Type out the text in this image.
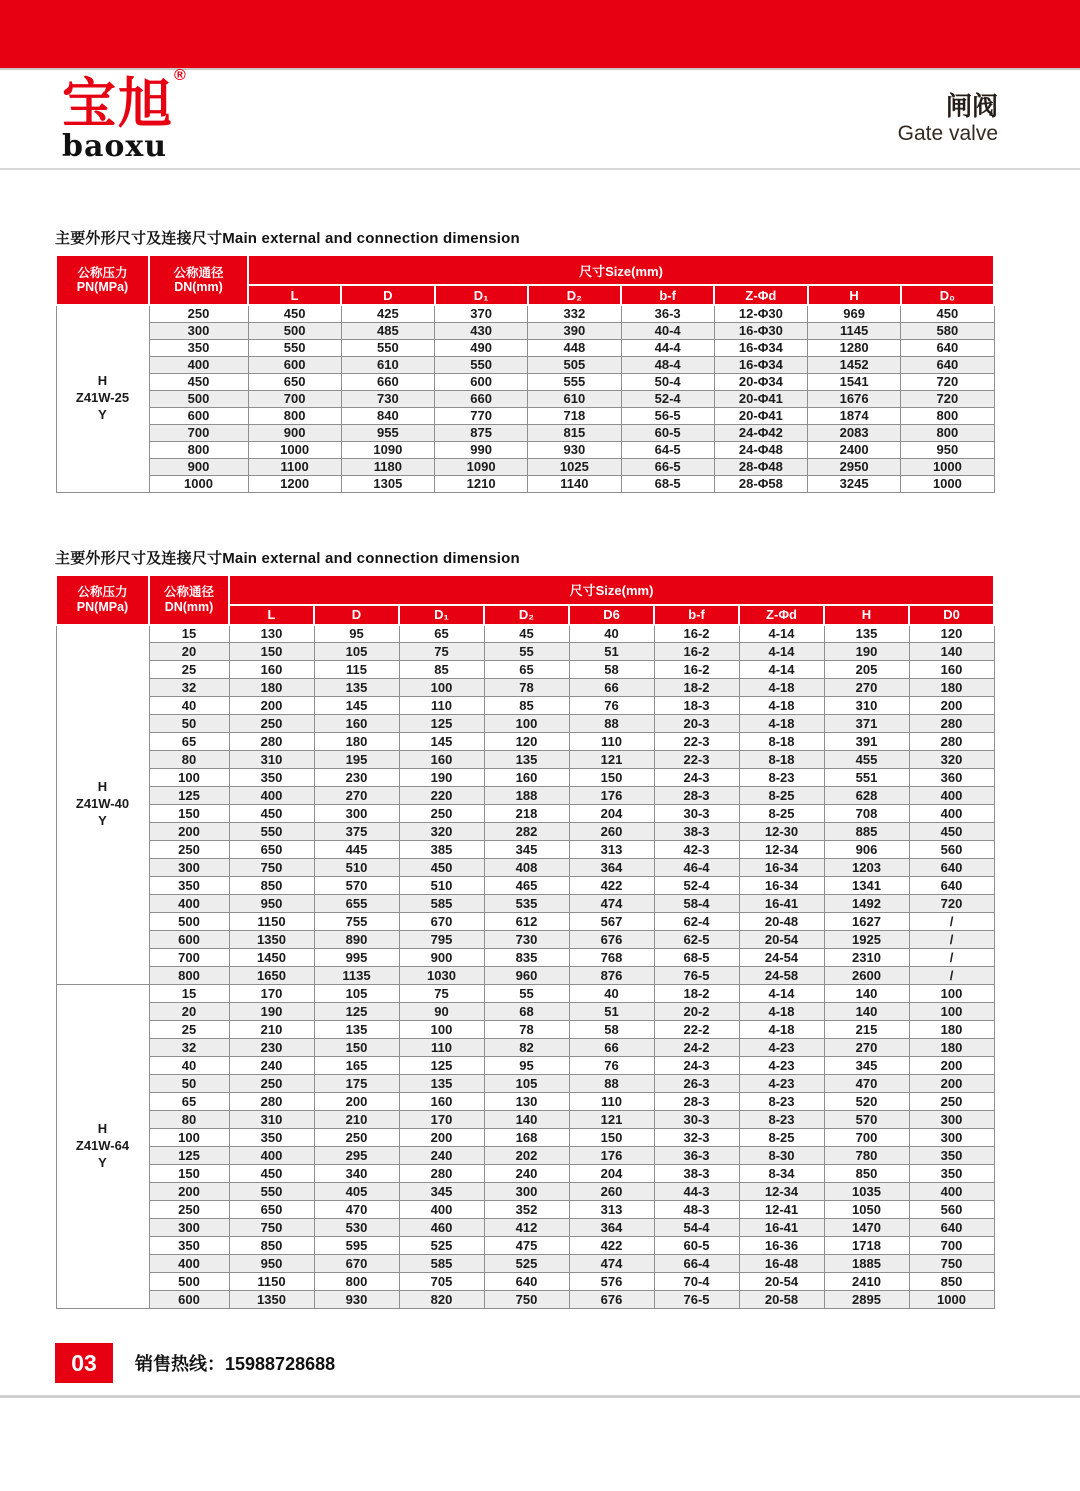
宝旭 ®
baoxu
闸阀
Gate valve
主要外形尺寸及连接尺寸Main external and connection dimension
公称压力
PN(MPa)

公称通径
DN(mm)
	尺寸Size(mm)
		L	D	D₁	D₂	b-f	Z-Φd	H	D₀

H
Z41W-25
Y	250	450	425	370	332	36-3	12-Φ30	969	450
	300	500	485	430	390	40-4	16-Φ30	1145	580
	350	550	550	490	448	44-4	16-Φ34	1280	640
	400	600	610	550	505	48-4	16-Φ34	1452	640
	450	650	660	600	555	50-4	20-Φ34	1541	720
	500	700	730	660	610	52-4	20-Φ41	1676	720
	600	800	840	770	718	56-5	20-Φ41	1874	800
	700	900	955	875	815	60-5	24-Φ42	2083	800
	800	1000	1090	990	930	64-5	24-Φ48	2400	950
	900	1100	1180	1090	1025	66-5	28-Φ48	2950	1000
	1000	1200	1305	1210	1140	68-5	28-Φ58	3245	1000
主要外形尺寸及连接尺寸Main external and connection dimension
公称压力
PN(MPa)

公称通径
DN(mm)
	尺寸Size(mm)
		L	D	D₁	D₂	D6	b-f	Z-Φd	H	D0

H
Z41W-40
Y	15	130	95	65	45	40	16-2	4-14	135	120
	20	150	105	75	55	51	16-2	4-14	190	140
	25	160	115	85	65	58	16-2	4-14	205	160
	32	180	135	100	78	66	18-2	4-18	270	180
	40	200	145	110	85	76	18-3	4-18	310	200
	50	250	160	125	100	88	20-3	4-18	371	280
	65	280	180	145	120	110	22-3	8-18	391	280
	80	310	195	160	135	121	22-3	8-18	455	320
	100	350	230	190	160	150	24-3	8-23	551	360
	125	400	270	220	188	176	28-3	8-25	628	400
	150	450	300	250	218	204	30-3	8-25	708	400
	200	550	375	320	282	260	38-3	12-30	885	450
	250	650	445	385	345	313	42-3	12-34	906	560
	300	750	510	450	408	364	46-4	16-34	1203	640
	350	850	570	510	465	422	52-4	16-34	1341	640
	400	950	655	585	535	474	58-4	16-41	1492	720
	500	1150	755	670	612	567	62-4	20-48	1627	/
	600	1350	890	795	730	676	62-5	20-54	1925	/
	700	1450	995	900	835	768	68-5	24-54	2310	/
	800	1650	1135	1030	960	876	76-5	24-58	2600	/

H
Z41W-64
Y	15	170	105	75	55	40	18-2	4-14	140	100
	20	190	125	90	68	51	20-2	4-18	140	100
	25	210	135	100	78	58	22-2	4-18	215	180
	32	230	150	110	82	66	24-2	4-23	270	180
	40	240	165	125	95	76	24-3	4-23	345	200
	50	250	175	135	105	88	26-3	4-23	470	200
	65	280	200	160	130	110	28-3	8-23	520	250
	80	310	210	170	140	121	30-3	8-23	570	300
	100	350	250	200	168	150	32-3	8-25	700	300
	125	400	295	240	202	176	36-3	8-30	780	350
	150	450	340	280	240	204	38-3	8-34	850	350
	200	550	405	345	300	260	44-3	12-34	1035	400
	250	650	470	400	352	313	48-3	12-41	1050	560
	300	750	530	460	412	364	54-4	16-41	1470	640
	350	850	595	525	475	422	60-5	16-36	1718	700
	400	950	670	585	525	474	66-4	16-48	1885	750
	500	1150	800	705	640	576	70-4	20-54	2410	850
	600	1350	930	820	750	676	76-5	20-58	2895	1000
03	销售热线：15988728688
